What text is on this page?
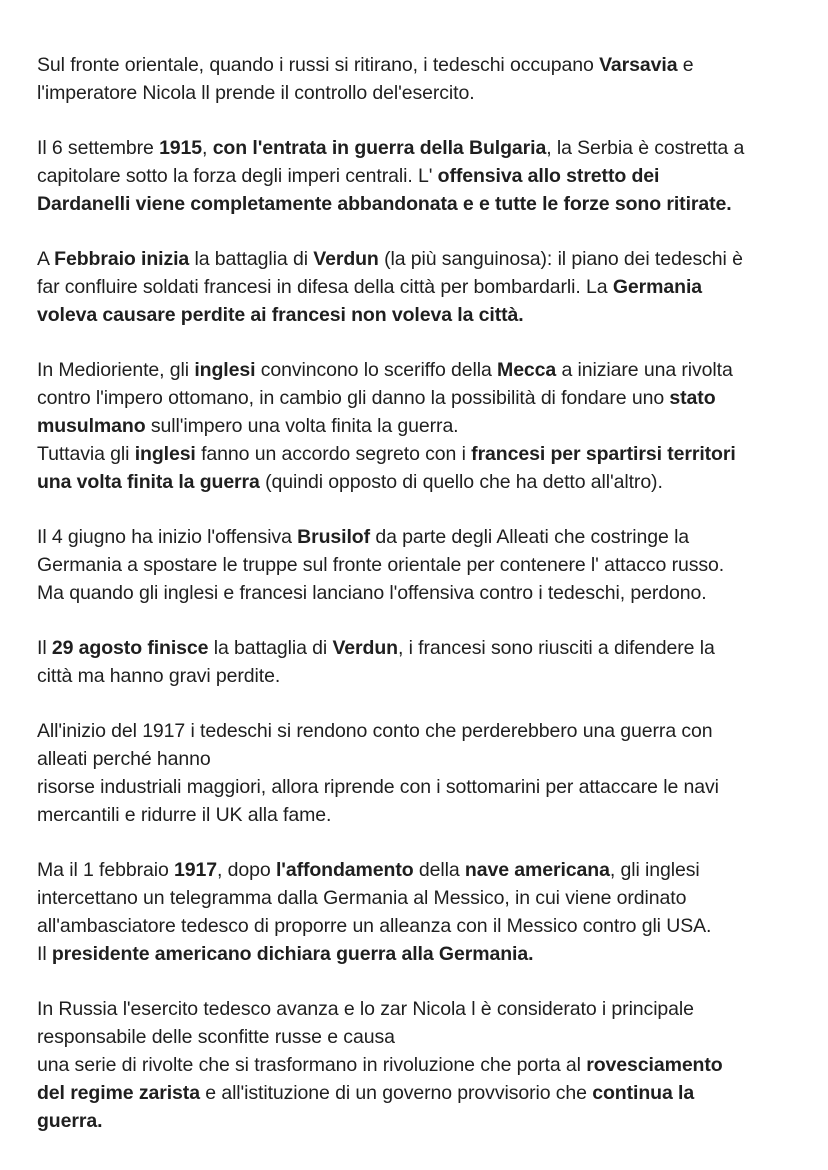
Sul fronte orientale, quando i russi si ritirano, i tedeschi occupano Varsavia e
l'imperatore Nicola ll prende il controllo del'esercito.

Il 6 settembre 1915, con l'entrata in guerra della Bulgaria, la Serbia è costretta a
capitolare sotto la forza degli imperi centrali. L' offensiva allo stretto dei
Dardanelli viene completamente abbandonata e e tutte le forze sono ritirate.

A Febbraio inizia la battaglia di Verdun (la più sanguinosa): il piano dei tedeschi è
far confluire soldati francesi in difesa della città per bombardarli. La Germania
voleva causare perdite ai francesi non voleva la città.

In Medioriente, gli inglesi convincono lo sceriffo della Mecca a iniziare una rivolta
contro l'impero ottomano, in cambio gli danno la possibilità di fondare uno stato
musulmano sull'impero una volta finita la guerra.
Tuttavia gli inglesi fanno un accordo segreto con i francesi per spartirsi territori
una volta finita la guerra (quindi opposto di quello che ha detto all'altro).

Il 4 giugno ha inizio l'offensiva Brusilof da parte degli Alleati che costringe la
Germania a spostare le truppe sul fronte orientale per contenere l' attacco russo.
Ma quando gli inglesi e francesi lanciano l'offensiva contro i tedeschi, perdono.

Il 29 agosto finisce la battaglia di Verdun, i francesi sono riusciti a difendere la
città ma hanno gravi perdite.

All'inizio del 1917 i tedeschi si rendono conto che perderebbero una guerra con
alleati perché hanno
risorse industriali maggiori, allora riprende con i sottomarini per attaccare le navi
mercantili e ridurre il UK alla fame.

Ma il 1 febbraio 1917, dopo l'affondamento della nave americana, gli inglesi
intercettano un telegramma dalla Germania al Messico, in cui viene ordinato
all'ambasciatore tedesco di proporre un alleanza con il Messico contro gli USA.
Il presidente americano dichiara guerra alla Germania.

In Russia l'esercito tedesco avanza e lo zar Nicola l è considerato i principale
responsabile delle sconfitte russe e causa
una serie di rivolte che si trasformano in rivoluzione che porta al rovesciamento
del regime zarista e all'istituzione di un governo provvisorio che continua la
guerra.
